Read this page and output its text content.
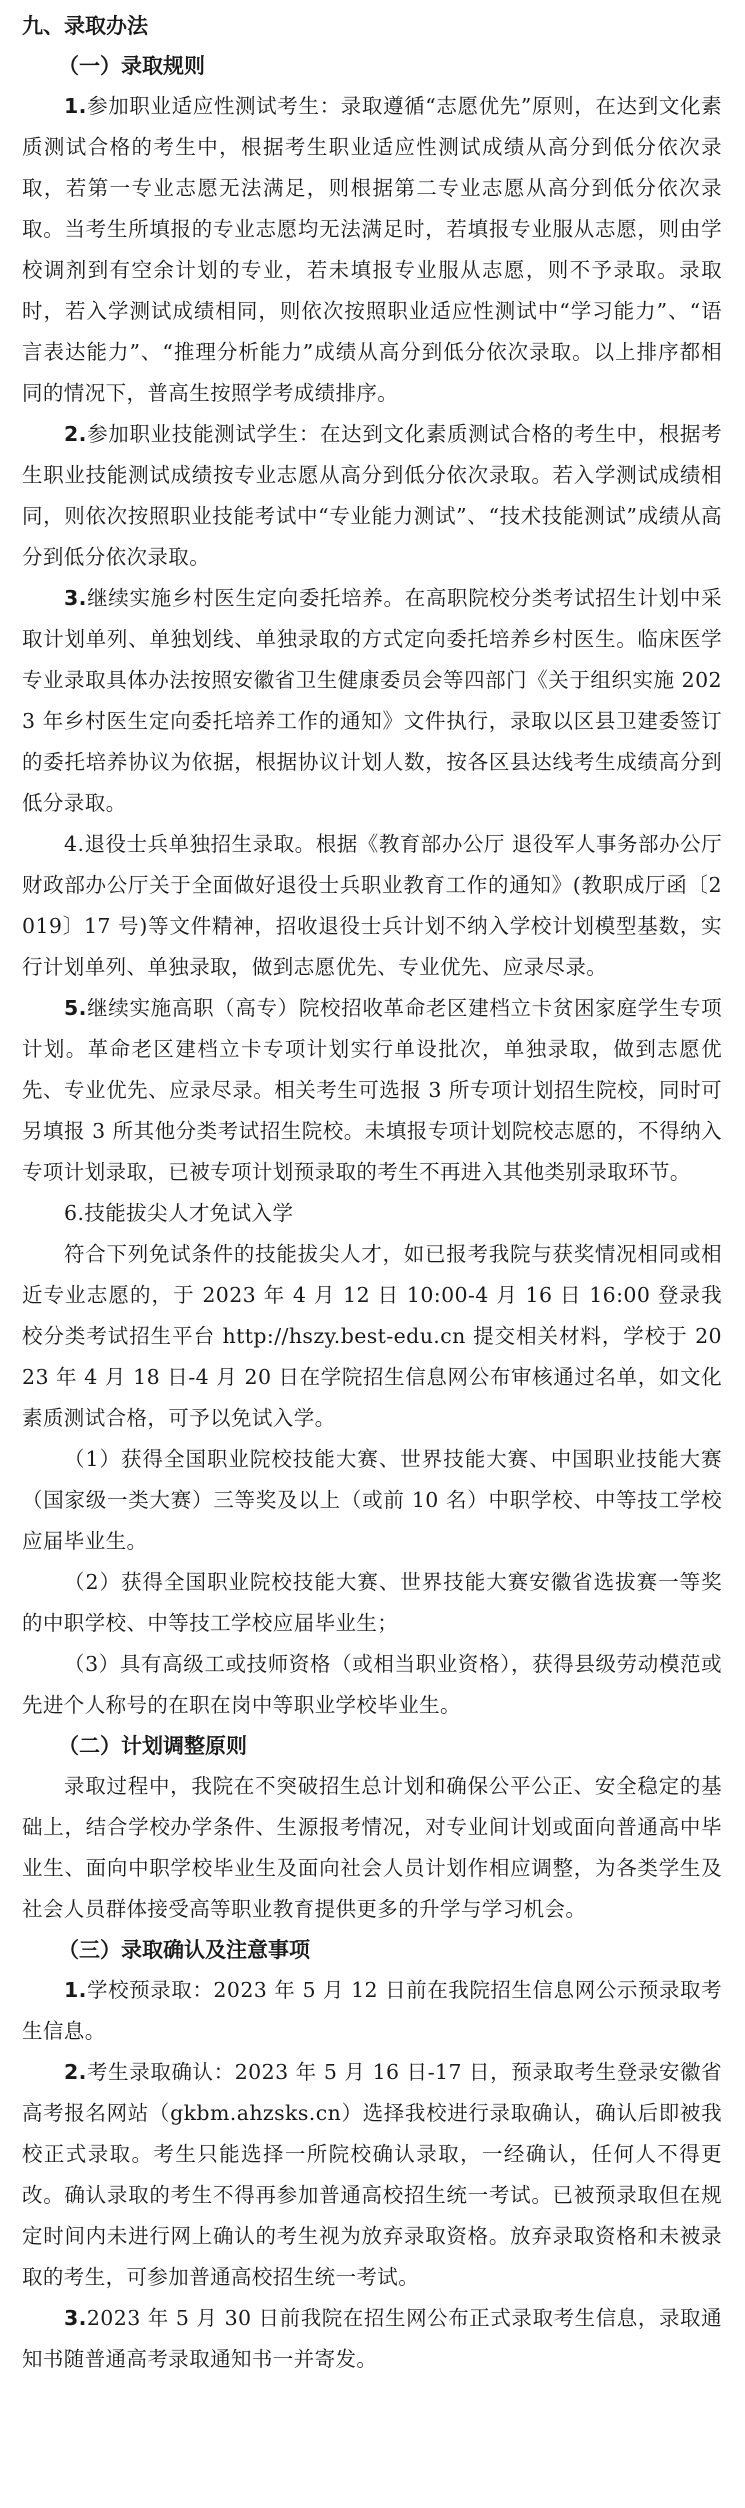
九、录取办法
（一）录取规则

1.参加职业适应性测试考生：录取遵循“志愿优先”原则，在达到文化素质测试合格的考生中，根据考生职业适应性测试成绩从高分到低分依次录取，若第一专业志愿无法满足，则根据第二专业志愿从高分到低分依次录取。当考生所填报的专业志愿均无法满足时，若填报专业服从志愿，则由学校调剂到有空余计划的专业，若未填报专业服从志愿，则不予录取。录取时，若入学测试成绩相同，则依次按照职业适应性测试中“学习能力”、“语言表达能力”、“推理分析能力”成绩从高分到低分依次录取。以上排序都相同的情况下，普高生按照学考成绩排序。

2.参加职业技能测试学生：在达到文化素质测试合格的考生中，根据考生职业技能测试成绩按专业志愿从高分到低分依次录取。若入学测试成绩相同，则依次按照职业技能考试中“专业能力测试”、“技术技能测试”成绩从高分到低分依次录取。

3.继续实施乡村医生定向委托培养。在高职院校分类考试招生计划中采取计划单列、单独划线、单独录取的方式定向委托培养乡村医生。临床医学专业录取具体办法按照安徽省卫生健康委员会等四部门《关于组织实施 2023 年乡村医生定向委托培养工作的通知》文件执行，录取以区县卫建委签订的委托培养协议为依据，根据协议计划人数，按各区县达线考生成绩高分到低分录取。

4.退役士兵单独招生录取。根据《教育部办公厅 退役军人事务部办公厅 财政部办公厅关于全面做好退役士兵职业教育工作的通知》(教职成厅函〔2019〕17 号)等文件精神，招收退役士兵计划不纳入学校计划模型基数，实行计划单列、单独录取，做到志愿优先、专业优先、应录尽录。

5.继续实施高职（高专）院校招收革命老区建档立卡贫困家庭学生专项计划。革命老区建档立卡专项计划实行单设批次，单独录取，做到志愿优先、专业优先、应录尽录。相关考生可选报 3 所专项计划招生院校，同时可另填报 3 所其他分类考试招生院校。未填报专项计划院校志愿的，不得纳入专项计划录取，已被专项计划预录取的考生不再进入其他类别录取环节。

6.技能拔尖人才免试入学

符合下列免试条件的技能拔尖人才，如已报考我院与获奖情况相同或相近专业志愿的，于 2023 年 4 月 12 日 10:00-4 月 16 日 16:00 登录我校分类考试招生平台 http://hszy.best-edu.cn 提交相关材料，学校于 2023 年 4 月 18 日-4 月 20 日在学院招生信息网公布审核通过名单，如文化素质测试合格，可予以免试入学。

（1）获得全国职业院校技能大赛、世界技能大赛、中国职业技能大赛（国家级一类大赛）三等奖及以上（或前 10 名）中职学校、中等技工学校应届毕业生。

（2）获得全国职业院校技能大赛、世界技能大赛安徽省选拔赛一等奖的中职学校、中等技工学校应届毕业生；

（3）具有高级工或技师资格（或相当职业资格），获得县级劳动模范或先进个人称号的在职在岗中等职业学校毕业生。

（二）计划调整原则

录取过程中，我院在不突破招生总计划和确保公平公正、安全稳定的基础上，结合学校办学条件、生源报考情况，对专业间计划或面向普通高中毕业生、面向中职学校毕业生及面向社会人员计划作相应调整，为各类学生及社会人员群体接受高等职业教育提供更多的升学与学习机会。

（三）录取确认及注意事项

1.学校预录取：2023 年 5 月 12 日前在我院招生信息网公示预录取考生信息。

2.考生录取确认：2023 年 5 月 16 日-17 日，预录取考生登录安徽省高考报名网站（gkbm.ahzsks.cn）选择我校进行录取确认，确认后即被我校正式录取。考生只能选择一所院校确认录取，一经确认，任何人不得更改。确认录取的考生不得再参加普通高校招生统一考试。已被预录取但在规定时间内未进行网上确认的考生视为放弃录取资格。放弃录取资格和未被录取的考生，可参加普通高校招生统一考试。

3.2023 年 5 月 30 日前我院在招生网公布正式录取考生信息，录取通知书随普通高考录取通知书一并寄发。
